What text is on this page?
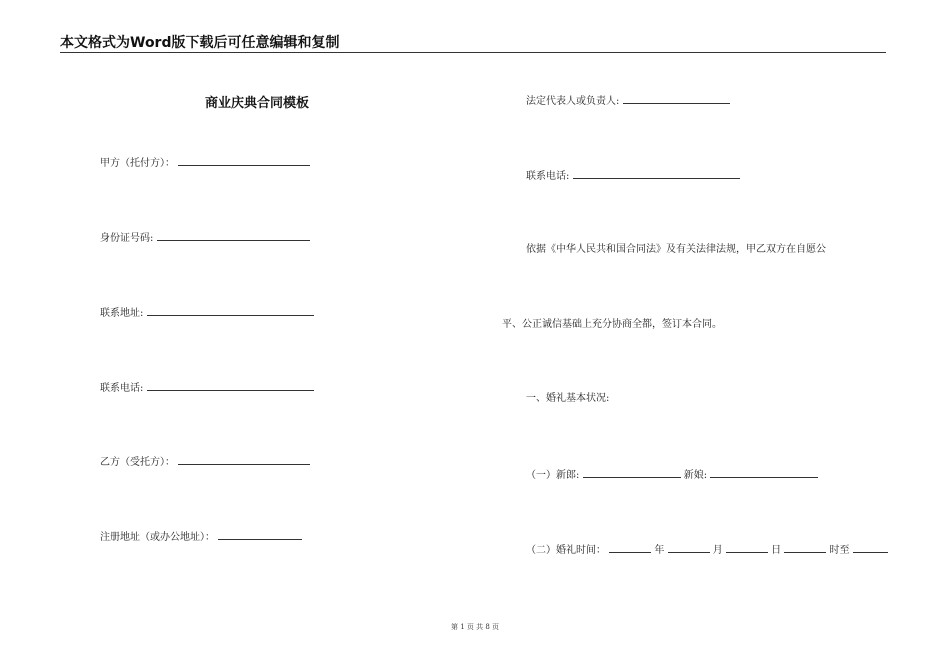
本文格式为Word版下载后可任意编辑和复制
商业庆典合同模板
甲方（托付方）：
身份证号码:
联系地址:
联系电话:
乙方（受托方）：
注册地址（或办公地址）：
法定代表人或负责人:
联系电话:
依据《中华人民共和国合同法》及有关法律法规，甲乙双方在自愿公
平、公正诚信基础上充分协商全都，签订本合同。
一、婚礼基本状况:
（一）新郎:	新娘:
（二）婚礼时间：	年	月	日	时至
第 1 页 共 8 页
